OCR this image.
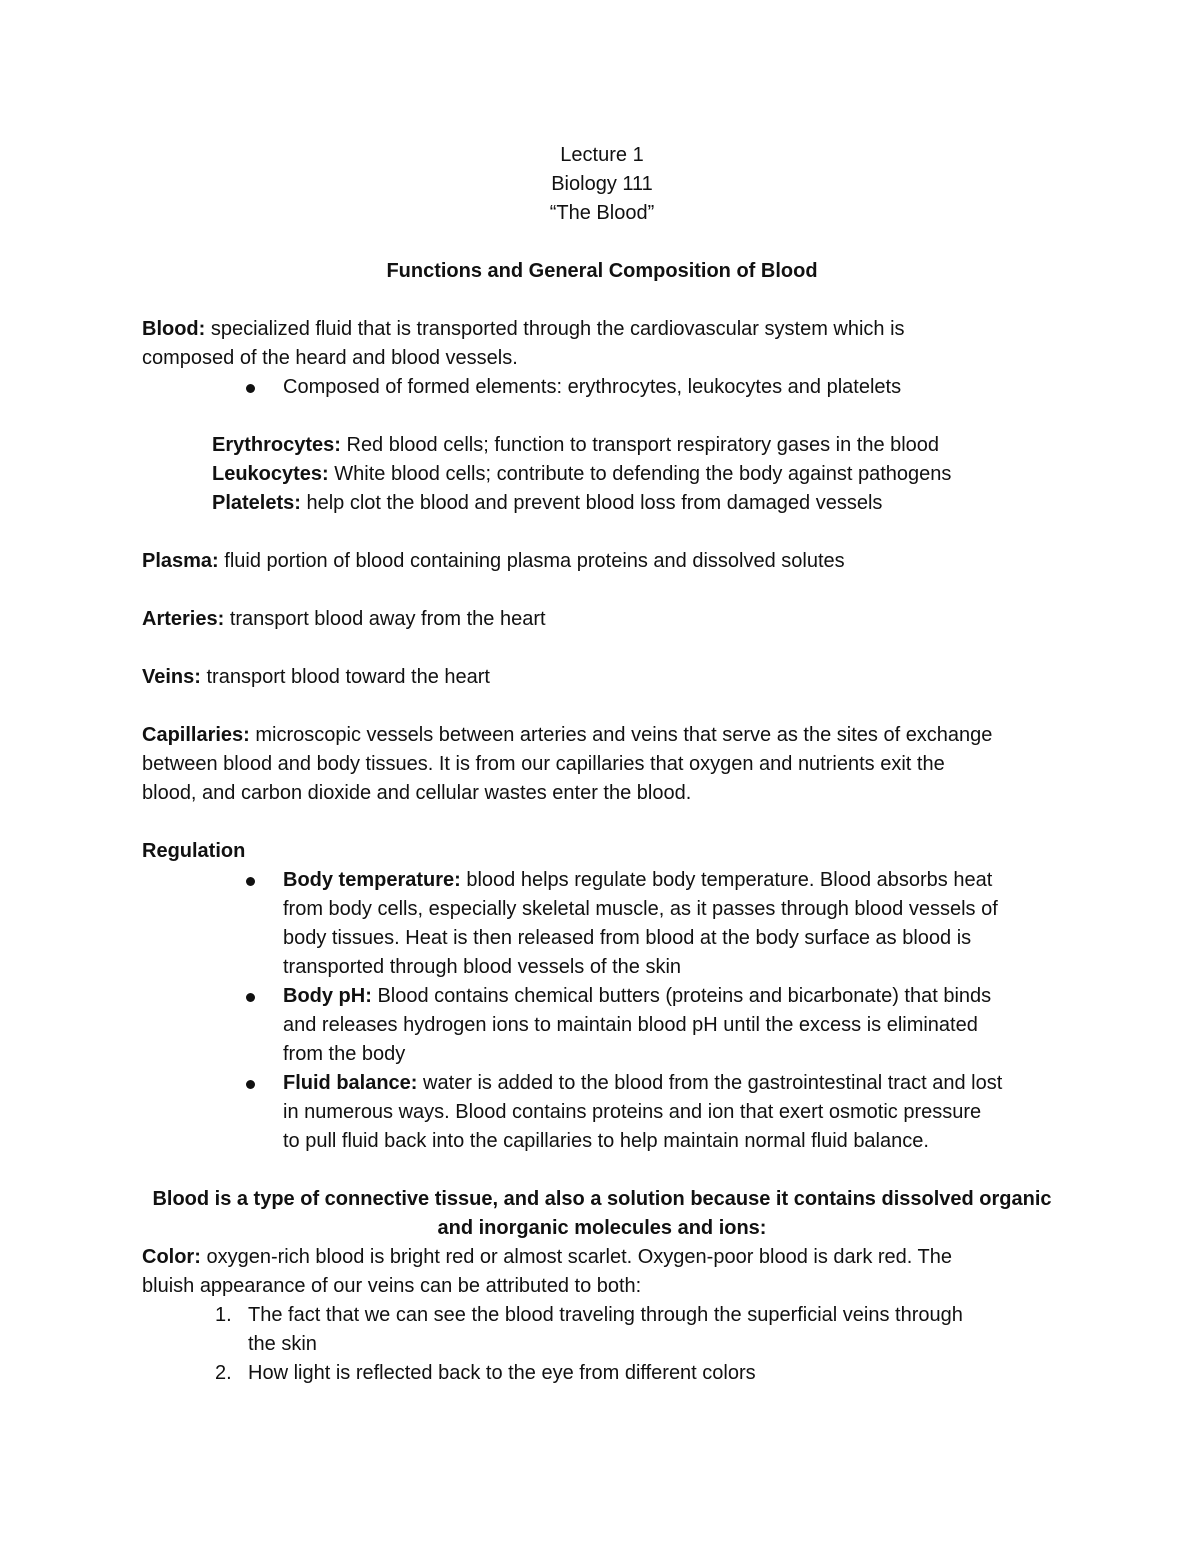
Lecture 1

Biology 111

“The Blood”

Functions and General Composition of Blood

Blood: specialized fluid that is transported through the cardiovascular system which is

composed of the heard and blood vessels.

Composed of formed elements: erythrocytes, leukocytes and platelets

Erythrocytes: Red blood cells; function to transport respiratory gases in the blood

Leukocytes: White blood cells; contribute to defending the body against pathogens

Platelets: help clot the blood and prevent blood loss from damaged vessels

Plasma: fluid portion of blood containing plasma proteins and dissolved solutes

Arteries: transport blood away from the heart

Veins: transport blood toward the heart

Capillaries: microscopic vessels between arteries and veins that serve as the sites of exchange

between blood and body tissues. It is from our capillaries that oxygen and nutrients exit the

blood, and carbon dioxide and cellular wastes enter the blood.

Regulation

Body temperature: blood helps regulate body temperature. Blood absorbs heat
from body cells, especially skeletal muscle, as it passes through blood vessels of
body tissues. Heat is then released from blood at the body surface as blood is
transported through blood vessels of the skin
Body pH: Blood contains chemical butters (proteins and bicarbonate) that binds
and releases hydrogen ions to maintain blood pH until the excess is eliminated
from the body
Fluid balance: water is added to the blood from the gastrointestinal tract and lost
in numerous ways. Blood contains proteins and ion that exert osmotic pressure
to pull fluid back into the capillaries to help maintain normal fluid balance.

Blood is a type of connective tissue, and also a solution because it contains dissolved organic

and inorganic molecules and ions:

Color: oxygen-rich blood is bright red or almost scarlet. Oxygen-poor blood is dark red. The

bluish appearance of our veins can be attributed to both:

1. The fact that we can see the blood traveling through the superficial veins through
the skin
2. How light is reflected back to the eye from different colors
